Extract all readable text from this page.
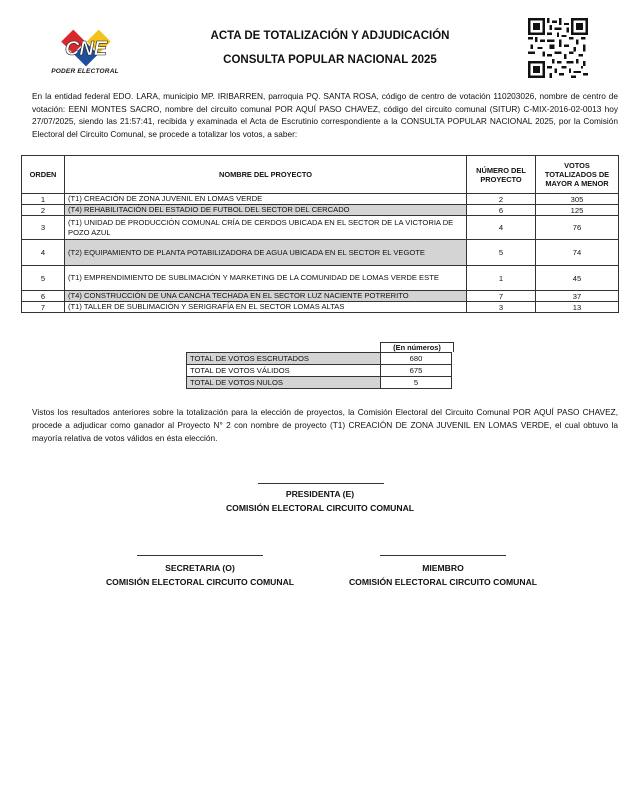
CNE
PODER ELECTORAL
ACTA DE TOTALIZACIÓN Y ADJUDICACIÓN
CONSULTA POPULAR NACIONAL 2025
En la entidad federal EDO. LARA, municipio MP. IRIBARREN, parroquia PQ. SANTA ROSA, código de centro de votación 110203026, nombre de centro de votación: EENI MONTES SACRO, nombre del circuito comunal POR AQUÍ PASO CHAVEZ, código del circuito comunal (SITUR) C-MIX-2016-02-0013 hoy 27/07/2025, siendo las 21:57:41, recibida y examinada el Acta de Escrutinio correspondiente a la CONSULTA POPULAR NACIONAL 2025, por la Comisión Electoral del Circuito Comunal, se procede a totalizar los votos, a saber:
ORDEN	NOMBRE DEL PROYECTO	NÚMERO DEL PROYECTO	VOTOS TOTALIZADOS DE MAYOR A MENOR
1	(T1) CREACIÓN DE ZONA JUVENIL EN LOMAS VERDE	2	305
2	(T4) REHABILITACIÓN DEL ESTADIO DE FUTBOL DEL SECTOR DEL CERCADO	6	125
3	(T1) UNIDAD DE PRODUCCIÓN COMUNAL CRÍA DE CERDOS UBICADA EN EL SECTOR DE LA VICTORIA DE POZO AZUL	4	76
4	(T2) EQUIPAMIENTO DE PLANTA POTABILIZADORA DE AGUA UBICADA EN EL SECTOR EL VEGOTE	5	74
5	(T1) EMPRENDIMIENTO DE SUBLIMACIÓN Y MARKETING DE LA COMUNIDAD DE LOMAS VERDE ESTE	1	45
6	(T4) CONSTRUCCIÓN DE UNA CANCHA TECHADA EN EL SECTOR LUZ NACIENTE POTRERITO	7	37
7	(T1) TALLER DE SUBLIMACIÓN Y SERIGRAFÍA EN EL SECTOR LOMAS ALTAS	3	13
(En números)
TOTAL DE VOTOS ESCRUTADOS	680
TOTAL DE VOTOS VÁLIDOS	675
TOTAL DE VOTOS NULOS	5
Vistos los resultados anteriores sobre la totalización para la elección de proyectos, la Comisión Electoral del Circuito Comunal POR AQUÍ PASO CHAVEZ, procede a adjudicar como ganador al Proyecto N° 2 con nombre de proyecto (T1) CREACIÓN DE ZONA JUVENIL EN LOMAS VERDE, el cual obtuvo la mayoría relativa de votos válidos en ésta elección.
PRESIDENTA (E)
COMISIÓN ELECTORAL CIRCUITO COMUNAL
SECRETARIA (O)
COMISIÓN ELECTORAL CIRCUITO COMUNAL
MIEMBRO
COMISIÓN ELECTORAL CIRCUITO COMUNAL
